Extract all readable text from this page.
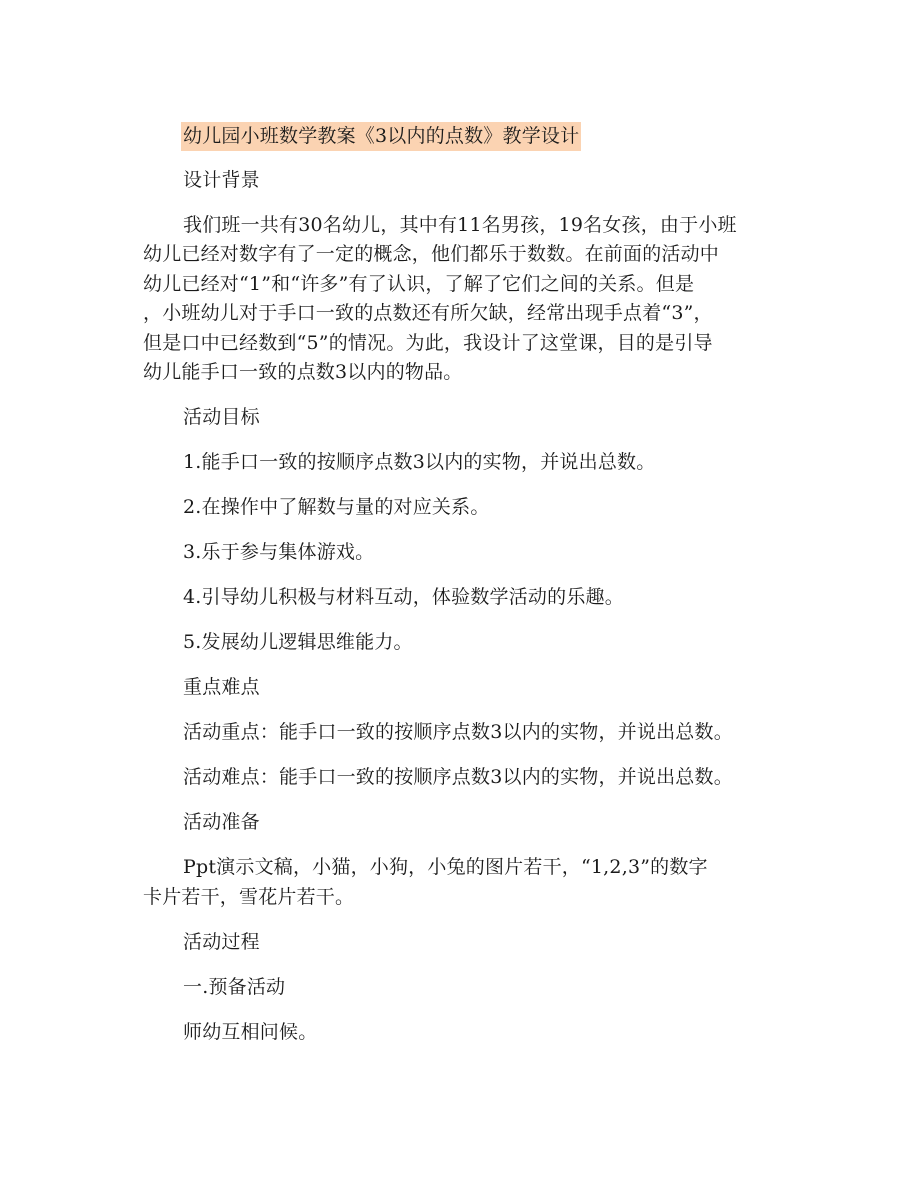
幼儿园小班数学教案《3以内的点数》教学设计
设计背景
我们班一共有30名幼儿，其中有11名男孩，19名女孩，由于小班
幼儿已经对数字有了一定的概念，他们都乐于数数。在前面的活动中
幼儿已经对“1”和“许多”有了认识，了解了它们之间的关系。但是
，小班幼儿对于手口一致的点数还有所欠缺，经常出现手点着“3”，
但是口中已经数到“5”的情况。为此，我设计了这堂课，目的是引导
幼儿能手口一致的点数3以内的物品。
活动目标
1.能手口一致的按顺序点数3以内的实物，并说出总数。
2.在操作中了解数与量的对应关系。
3.乐于参与集体游戏。
4.引导幼儿积极与材料互动，体验数学活动的乐趣。
5.发展幼儿逻辑思维能力。
重点难点
活动重点：能手口一致的按顺序点数3以内的实物，并说出总数。
活动难点：能手口一致的按顺序点数3以内的实物，并说出总数。
活动准备
Ppt演示文稿，小猫，小狗，小兔的图片若干，“1,2,3”的数字
卡片若干，雪花片若干。
活动过程
一.预备活动
师幼互相问候。
